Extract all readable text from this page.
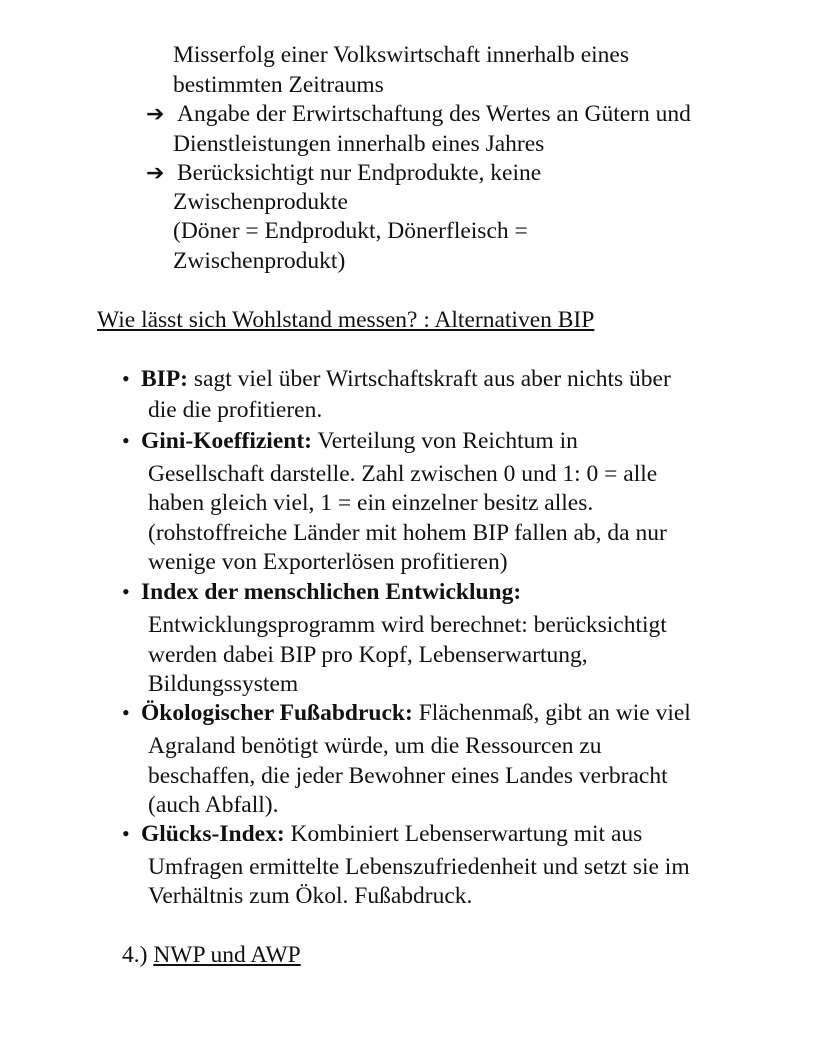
Misserfolg einer Volkswirtschaft innerhalb eines
bestimmten Zeitraums
➔ Angabe der Erwirtschaftung des Wertes an Gütern und
Dienstleistungen innerhalb eines Jahres
➔ Berücksichtigt nur Endprodukte, keine
Zwischenprodukte
(Döner = Endprodukt, Dönerfleisch =
Zwischenprodukt)
Wie lässt sich Wohlstand messen? : Alternativen BIP
• BIP: sagt viel über Wirtschaftskraft aus aber nichts über
die die profitieren.
• Gini-Koeffizient: Verteilung von Reichtum in
Gesellschaft darstelle. Zahl zwischen 0 und 1: 0 = alle
haben gleich viel, 1 = ein einzelner besitz alles.
(rohstoffreiche Länder mit hohem BIP fallen ab, da nur
wenige von Exporterlösen profitieren)
• Index der menschlichen Entwicklung:
Entwicklungsprogramm wird berechnet: berücksichtigt
werden dabei BIP pro Kopf, Lebenserwartung,
Bildungssystem
• Ökologischer Fußabdruck: Flächenmaß, gibt an wie viel
Agraland benötigt würde, um die Ressourcen zu
beschaffen, die jeder Bewohner eines Landes verbracht
(auch Abfall).
• Glücks-Index: Kombiniert Lebenserwartung mit aus
Umfragen ermittelte Lebenszufriedenheit und setzt sie im
Verhältnis zum Ökol. Fußabdruck.
4.) NWP und AWP
